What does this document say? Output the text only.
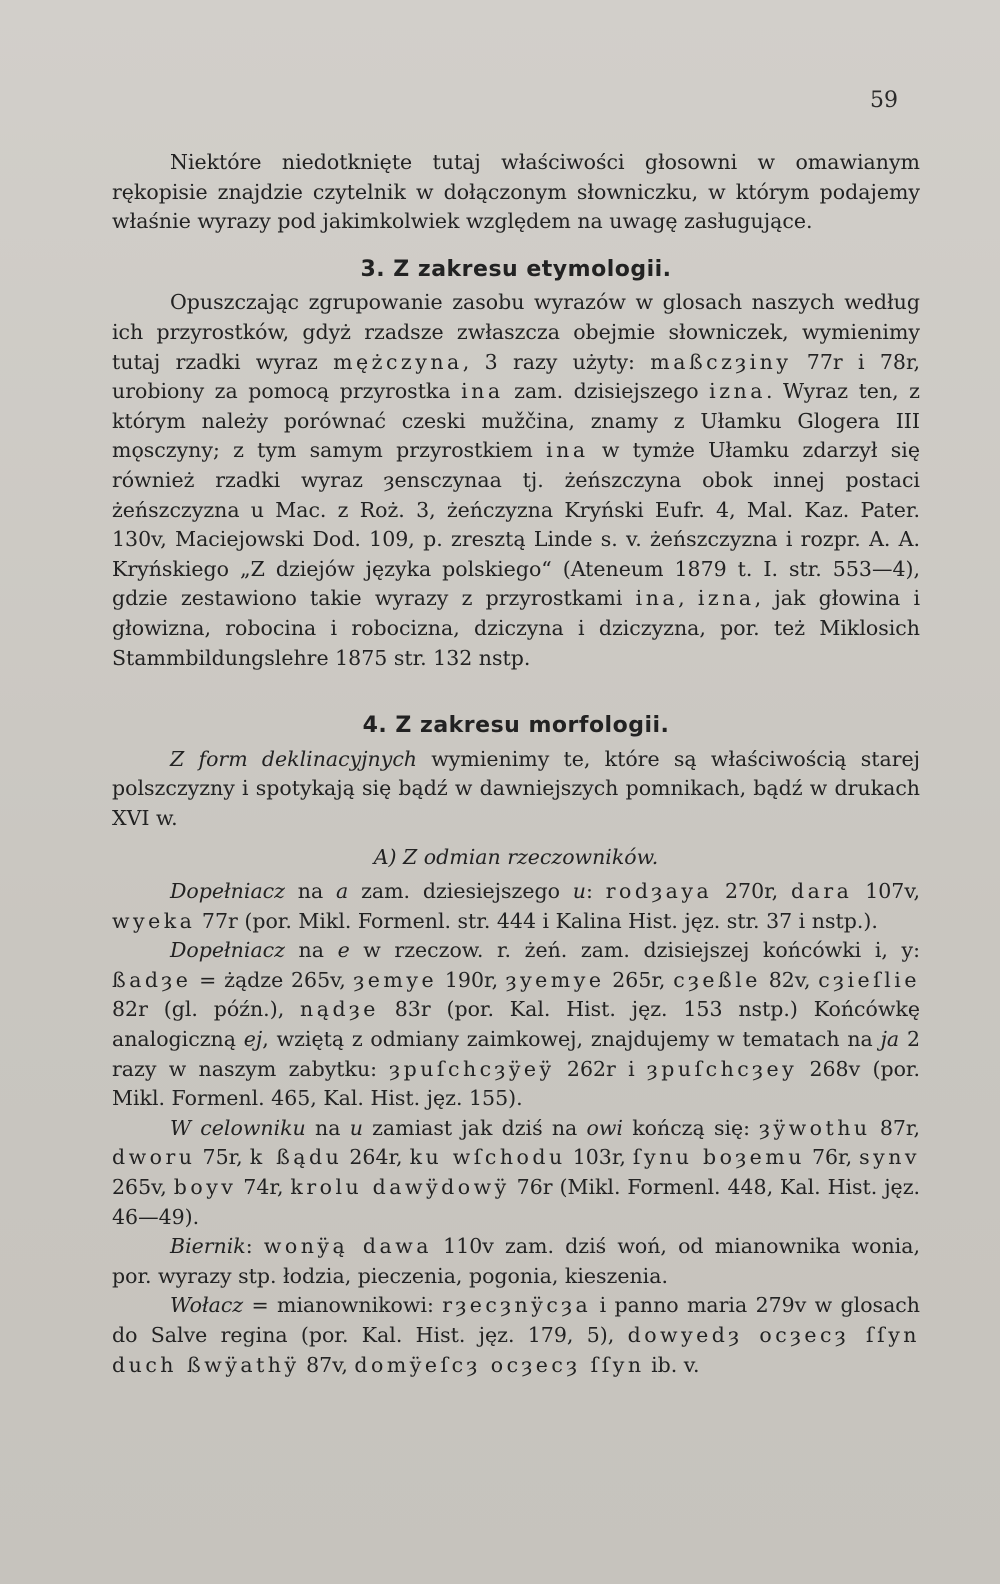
59

Niektóre niedotknięte tutaj właściwości głosowni w omawianym rękopisie znajdzie czytelnik w dołączonym słowniczku, w którym podajemy właśnie wyrazy pod jakimkolwiek względem na uwagę zasługujące.

3. Z zakresu etymologii.

Opuszczając zgrupowanie zasobu wyrazów w glosach naszych według ich przyrostków, gdyż rzadsze zwłaszcza obejmie słowniczek, wymienimy tutaj rzadki wyraz mężczyna, 3 razy użyty: maßczȝiny 77r i 78r, urobiony za pomocą przyrostka ina zam. dzisiejszego izna. Wyraz ten, z którym należy porównać czeski mužčina, znamy z Ułamku Glogera III mǫsczyny; z tym samym przyrostkiem ina w tymże Ułamku zdarzył się również rzadki wyraz ȝensczynaa tj. żeńszczyna obok innej postaci żeńszczyzna u Mac. z Roż. 3, żeńczyzna Kryński Eufr. 4, Mal. Kaz. Pater. 130v, Maciejowski Dod. 109, p. zresztą Linde s. v. żeńszczyzna i rozpr. A. A. Kryńskiego „Z dziejów języka polskiego“ (Ateneum 1879 t. I. str. 553—4), gdzie zestawiono takie wyrazy z przyrostkami ina, izna, jak głowina i głowizna, robocina i robocizna, dziczyna i dziczyzna, por. też Miklosich Stammbildungslehre 1875 str. 132 nstp.

4. Z zakresu morfologii.

Z form deklinacyjnych wymienimy te, które są właściwością starej polszczyzny i spotykają się bądź w dawniejszych pomnikach, bądź w drukach XVI w.

A) Z odmian rzeczowników.

Dopełniacz na a zam. dziesiejszego u: rodȝaya 270r, dara 107v, wyeka 77r (por. Mikl. Formenl. str. 444 i Kalina Hist. jęz. str. 37 i nstp.).

Dopełniacz na e w rzeczow. r. żeń. zam. dzisiejszej końcówki i, y: ßadȝe = żądze 265v, ȝemye 190r, ȝyemye 265r, cȝeßle 82v, cȝieſlie 82r (gl. późn.), nądȝe 83r (por. Kal. Hist. jęz. 153 nstp.) Końcówkę analogiczną ej, wziętą z odmiany zaimkowej, znajdujemy w tematach na ja 2 razy w naszym zabytku: ȝpuſchcȝÿeÿ 262r i ȝpuſchcȝey 268v (por. Mikl. Formenl. 465, Kal. Hist. jęz. 155).

W celowniku na u zamiast jak dziś na owi kończą się: ȝÿwothu 87r, dworu 75r, k ßądu 264r, ku wſchodu 103r, ſynu boȝemu 76r, synv 265v, boyv 74r, krolu dawÿdowÿ 76r (Mikl. Formenl. 448, Kal. Hist. jęz. 46—49).

Biernik: wonÿą dawa 110v zam. dziś woń, od mianownika wonia, por. wyrazy stp. łodzia, pieczenia, pogonia, kieszenia.

Wołacz = mianownikowi: rȝecȝnÿcȝa i panno maria 279v w glosach do Salve regina (por. Kal. Hist. jęz. 179, 5), dowyedȝ ocȝecȝ ſſyn duch ßwÿathÿ 87v, domÿeſcȝ ocȝecȝ ſſyn ib. v.
